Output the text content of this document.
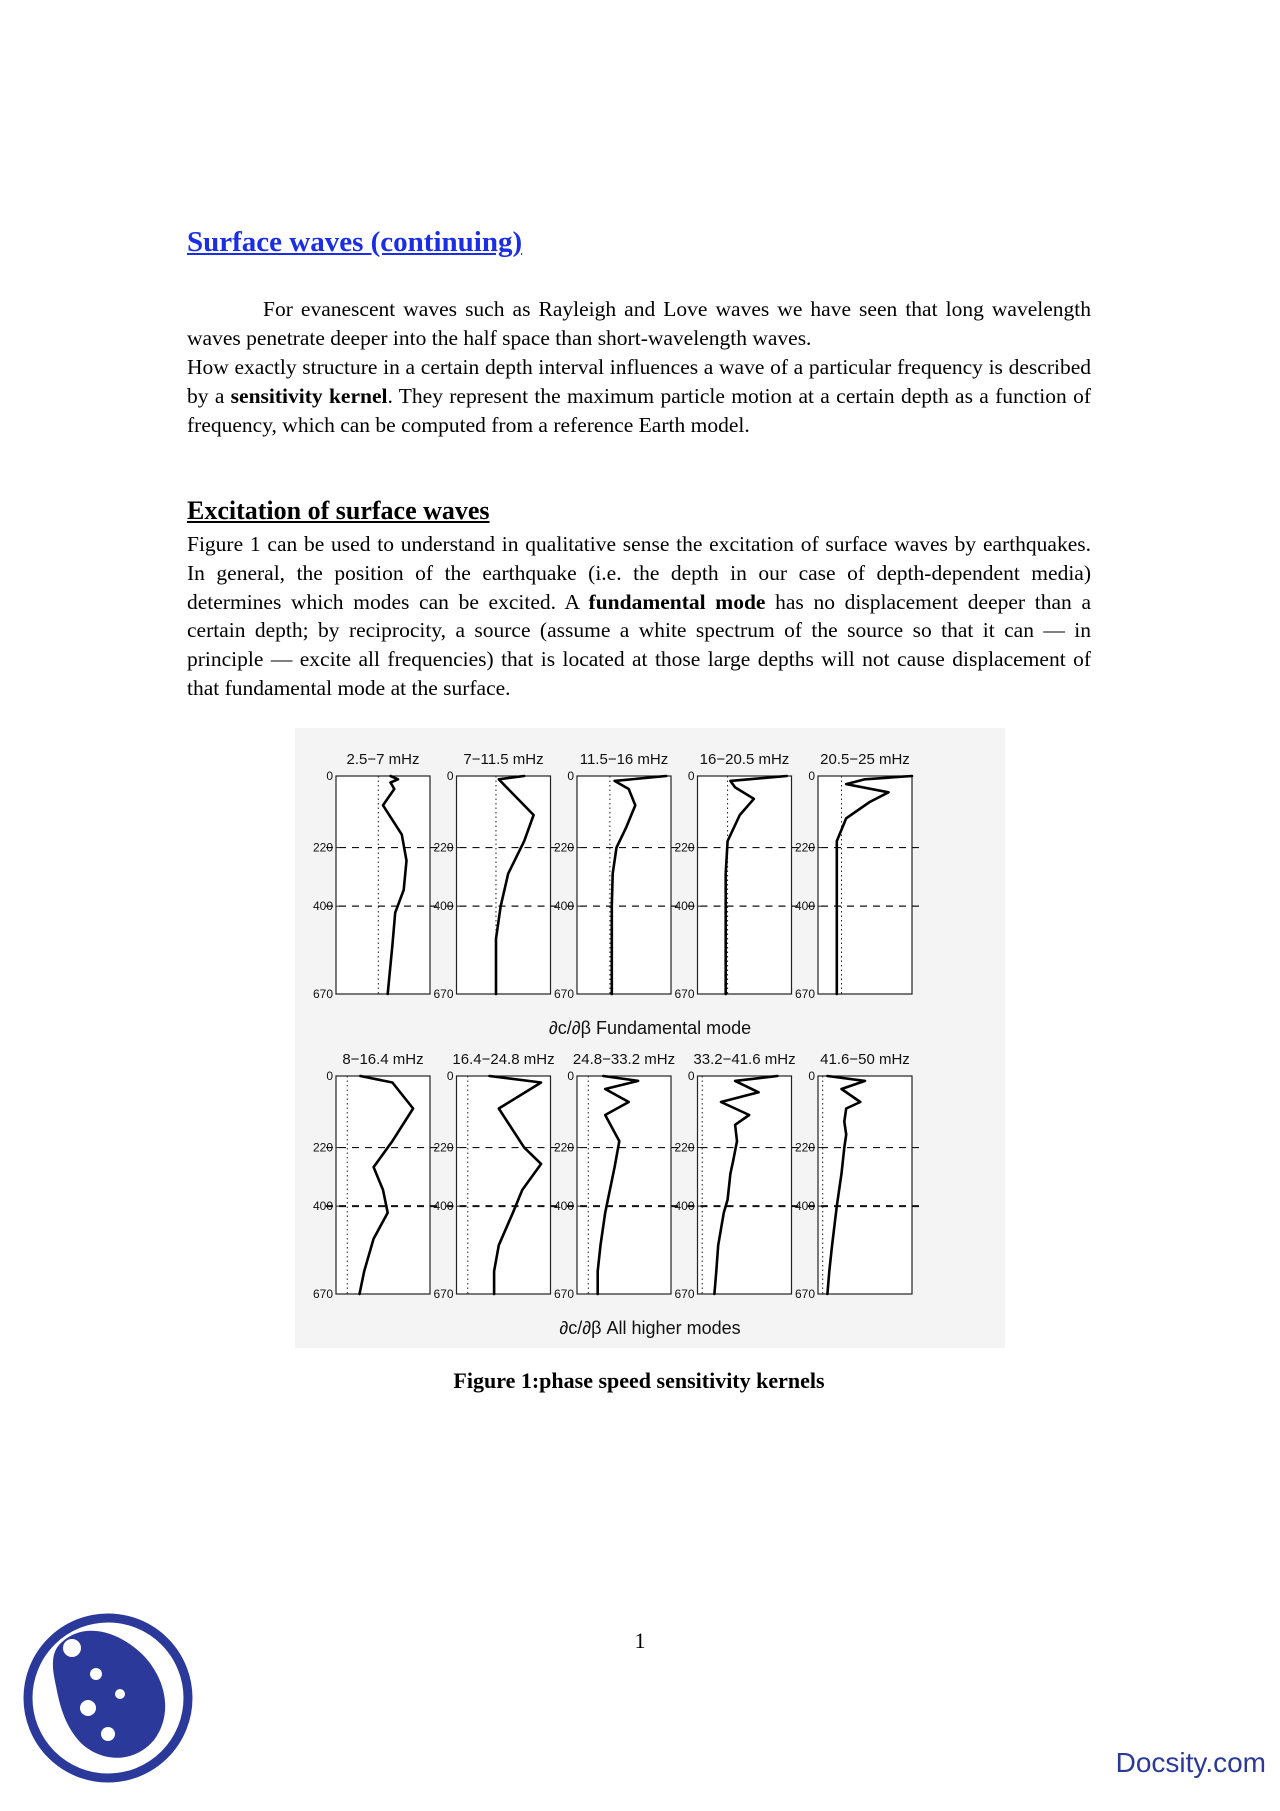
Surface waves (continuing)

For evanescent waves such as Rayleigh and Love waves we have seen that long wavelength waves penetrate deeper into the half space than short-wavelength waves.

How exactly structure in a certain depth interval influences a wave of a particular frequency is described by a sensitivity kernel. They represent the maximum particle motion at a certain depth as a function of frequency, which can be computed from a reference Earth model.

Excitation of surface waves

Figure 1 can be used to understand in qualitative sense the excitation of surface waves by earthquakes. In general, the position of the earthquake (i.e. the depth in our case of depth-dependent media) determines which modes can be excited. A fundamental mode has no displacement deeper than a certain depth; by reciprocity, a source (assume a white spectrum of the source so that it can — in principle — excite all frequencies) that is located at those large depths will not cause displacement of that fundamental mode at the surface.

2.5−7 mHz
0
220
400
670
7−11.5 mHz
0
220
400
670
11.5−16 mHz
0
220
400
670
16−20.5 mHz
0
220
400
670
20.5−25 mHz
0
220
400
670
∂c/∂β Fundamental mode
8−16.4 mHz
0
220
400
670
16.4−24.8 mHz
0
220
400
670
24.8−33.2 mHz
0
220
400
670
33.2−41.6 mHz
0
220
400
670
41.6−50 mHz
0
220
400
670
∂c/∂β All higher modes

Figure 1:phase speed sensitivity kernels

1

Docsity.com
